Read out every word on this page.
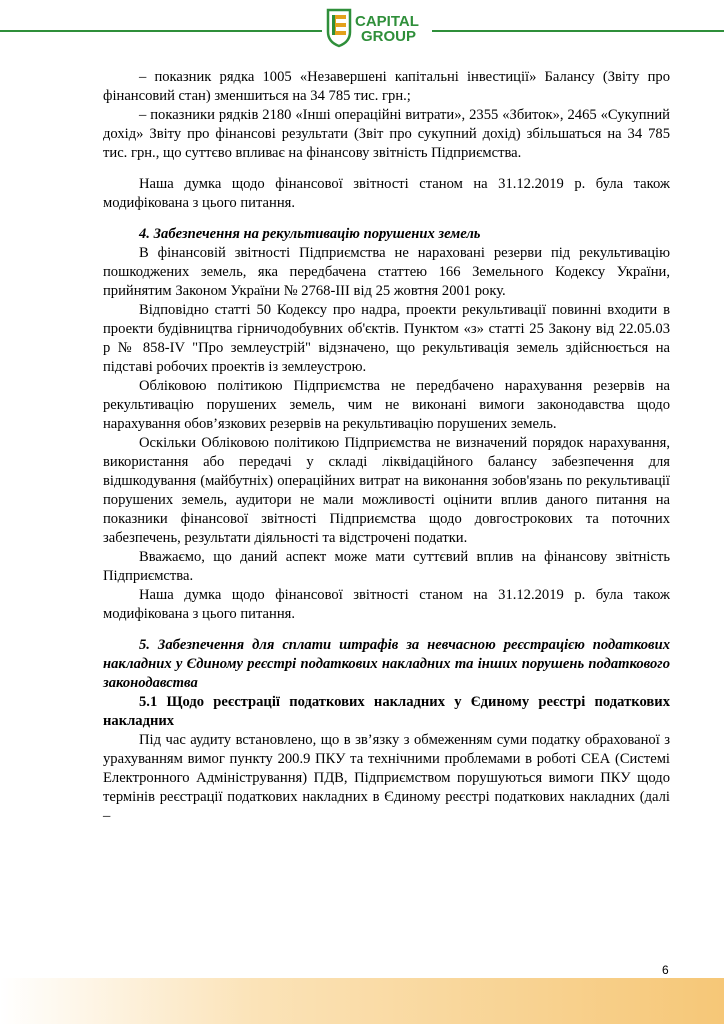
CAPITAL
GROUP

– показник рядка 1005 «Незавершені капітальні інвестиції» Балансу (Звіту про фінансовий стан) зменшиться на 34 785 тис. грн.;

– показники рядків 2180 «Інші операційні витрати», 2355 «Збиток», 2465 «Сукупний дохід» Звіту про фінансові результати (Звіт про сукупний дохід) збільшаться на 34 785 тис. грн., що суттєво впливає на фінансову звітність Підприємства.

Наша думка щодо фінансової звітності станом на 31.12.2019 р. була також модифікована з цього питання.

4. Забезпечення на рекультивацію порушених земель

В фінансовій звітності Підприємства не нараховані резерви під рекультивацію пошкоджених земель, яка передбачена статтею 166 Земельного Кодексу України, прийнятим Законом України № 2768-III від 25 жовтня 2001 року.

Відповідно статті 50 Кодексу про надра, проекти рекультивації повинні входити в проекти будівництва гірничодобувних об'єктів. Пунктом «з» статті 25 Закону від 22.05.03 р № 858-IV "Про землеустрій" відзначено, що рекультивація земель здійснюється на підставі робочих проектів із землеустрою.

Обліковою політикою Підприємства не передбачено нарахування резервів на рекультивацію порушених земель, чим не виконані вимоги законодавства щодо нарахування обов’язкових резервів на рекультивацію порушених земель.

Оскільки Обліковою політикою Підприємства не визначений порядок нарахування, використання або передачі у складі ліквідаційного балансу забезпечення для відшкодування (майбутніх) операційних витрат на виконання зобов'язань по рекультивації порушених земель, аудитори не мали можливості оцінити вплив даного питання на показники фінансової звітності Підприємства щодо довгострокових та поточних забезпечень, результати діяльності та відстрочені податки.

Вважаємо, що даний аспект може мати суттєвий вплив на фінансову звітність Підприємства.

Наша думка щодо фінансової звітності станом на 31.12.2019 р. була також модифікована з цього питання.

5. Забезпечення для сплати штрафів за невчасною реєстрацією податкових накладних у Єдиному реєстрі податкових накладних та інших порушень податкового законодавства

5.1 Щодо реєстрації податкових накладних у Єдиному реєстрі податкових накладних

Під час аудиту встановлено, що в зв’язку з обмеженням суми податку обрахованої з урахуванням вимог пункту 200.9 ПКУ та технічними проблемами в роботі СЕА (Системі Електронного Адміністрування) ПДВ, Підприємством порушуються вимоги ПКУ щодо термінів реєстрації податкових накладних в Єдиному реєстрі податкових накладних (далі –

6
